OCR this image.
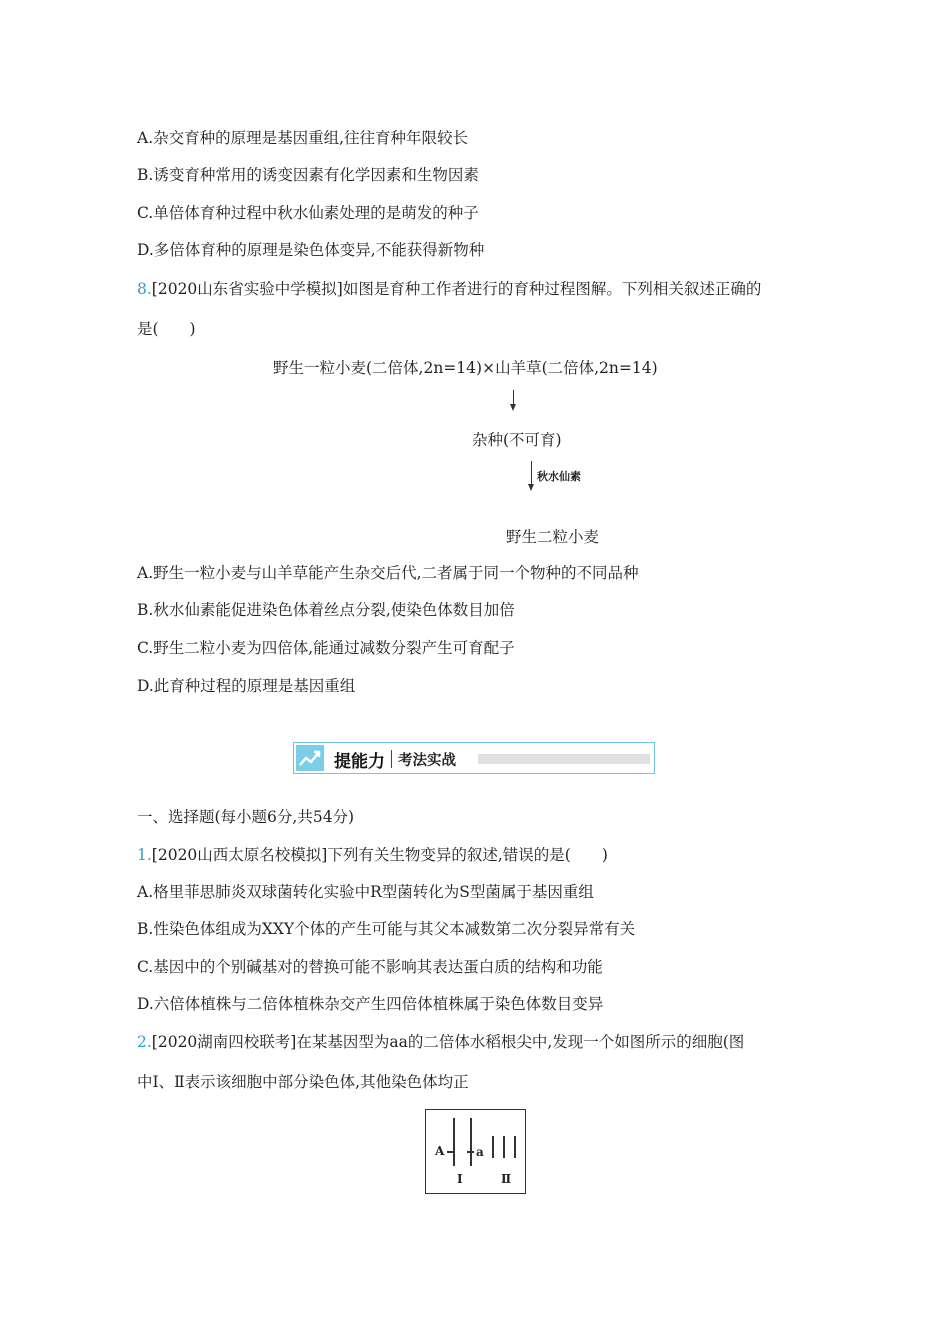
A.杂交育种的原理是基因重组,往往育种年限较长
B.诱变育种常用的诱变因素有化学因素和生物因素
C.单倍体育种过程中秋水仙素处理的是萌发的种子
D.多倍体育种的原理是染色体变异,不能获得新物种
8.[2020山东省实验中学模拟]如图是育种工作者进行的育种过程图解。下列相关叙述正确的
是(　　)
野生一粒小麦(二倍体,2n=14)×山羊草(二倍体,2n=14)
杂种(不可育)
秋水仙素
野生二粒小麦
A.野生一粒小麦与山羊草能产生杂交后代,二者属于同一个物种的不同品种
B.秋水仙素能促进染色体着丝点分裂,使染色体数目加倍
C.野生二粒小麦为四倍体,能通过减数分裂产生可育配子
D.此育种过程的原理是基因重组
提能力 考法实战
一、选择题(每小题6分,共54分)
1.[2020山西太原名校模拟]下列有关生物变异的叙述,错误的是(　　)
A.格里菲思肺炎双球菌转化实验中R型菌转化为S型菌属于基因重组
B.性染色体组成为XXY个体的产生可能与其父本减数第二次分裂异常有关
C.基因中的个别碱基对的替换可能不影响其表达蛋白质的结构和功能
D.六倍体植株与二倍体植株杂交产生四倍体植株属于染色体数目变异
2.[2020湖南四校联考]在某基因型为aa的二倍体水稻根尖中,发现一个如图所示的细胞(图
中Ⅰ、Ⅱ表示该细胞中部分染色体,其他染色体均正
A	a
Ⅰ	Ⅱ
